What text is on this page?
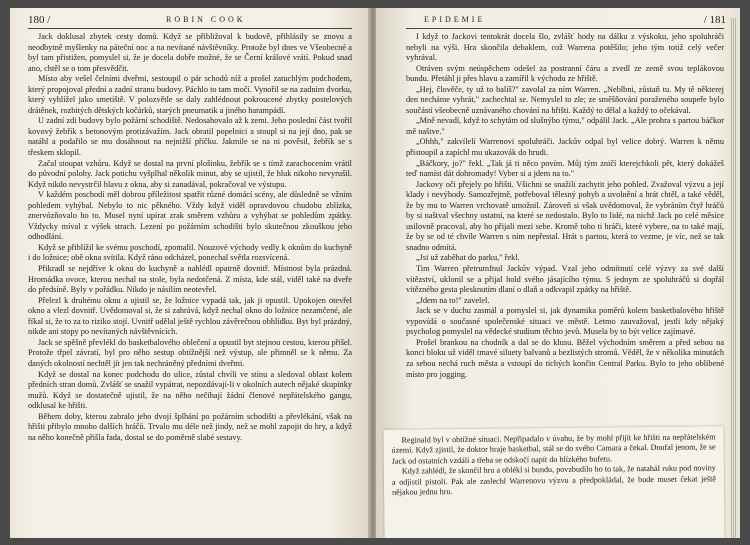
180 /	ROBIN COOK

Jack doklusal zbytek cesty domů. Když se přibližoval k budově, přihlásily se znovu a neodbytně myšlenky na páteční noc a na nevítané návštěvníky. Protože byl dnes ve Všeobecné a byl tam přistižen, pomyslel si, že je docela dobře možné, že se Černí králové vrátí. Pokud snad ano, chtěl se o tom přesvědčit.

Místo aby vešel čelními dveřmi, sestoupil o pár schodů níž a prošel zatuchlým podchodem, který propojoval přední a zadní stranu budovy. Páchlo to tam močí. Vynořil se na zadním dvorku, který vyhlížel jako smetiště. V polozvětle se daly zahlédnout pokroucené zbytky postelových drátěnek, rozbitých dětských kočárků, starých pneumatik a jiného harampádí.

U zadní zdi budovy bylo požární schodiště. Nedosahovalo až k zemi. Jeho poslední část tvořil kovový žebřík s betonovým protizávažím. Jack obratil popelnici a stoupl si na její dno, pak se natáhl a podařilo se mu dosáhnout na nejnižší příčku. Jakmile se na ni pověsil, žebřík se s třeskem sklopil.

Začal stoupat vzhůru. Když se dostal na první plošinku, žebřík se s tímž zarachocením vrátil do původní polohy. Jack potichu vyšplhal několik minut, aby se ujistil, že hluk nikoho nevyrušil. Když nikdo nevystrčil hlavu z okna, aby si zanadával, pokračoval ve výstupu.

V každém poschodí měl dobrou příležitost spatřit různé domácí scény, ale důsledně se vžnim pohledem vyhýbal. Nebylo to nic pěkného. Vždy když viděl opravdovou chudobu zblízka, znervózňovalo ho to. Musel nyní upírat zrak směrem vzhůru a vyhýbat se pohledům zpátky. Vždycky míval z výšek strach. Lezení po požárním schodišti bylo skutečnou zkouškou jeho odhodlání.

Když se přiblížil ke svému poschodí, zpomalil. Nouzové východy vedly k oknům do kuchyně i do ložnice; obě okna svítila. Když ráno odcházel, ponechal světla rozsvícená.

Přikradl se nejdříve k oknu do kuchyně a nahlédl opatrně dovnitř. Místnost byla prázdná. Hromádka ovoce, kterou nechal na stole, byla nedotčená. Z místa, kde stál, viděl také na dveře do předsíně. Byly v pořádku. Nikdo je násilím neotevřel.

Přelezl k druhému oknu a ujistil se, že ložnice vypadá tak, jak ji opustil. Upokojen otevřel okno a vlezl dovnitř. Uvědomoval si, že si zahrává, když nechal okno do ložnice nezamčené, ale říkal si, že to za to riziko stojí. Uvnitř udělal ještě rychlou závěrečnou obhlídku. Byt byl prázdný, nikde ani stopy po nevítaných návštěvnících.

Jack se spěšně převlékl do basketbalového oblečení a opustil byt stejnou cestou, kterou přišel. Protože třpel závratí, byl pro něho sestup obtížnější než výstup, ale přimněl se k němu. Za daných okolností nechtěl jít jen tak nechráněný předními dveřmi.

Když se dostal na konec podchodu do ulice, zůstal chvíli ve stínu a sledoval oblast kolem předních stran domů. Zvlášť se snažil vypátrat, nepozdávají-li v okolních autech nějaké skupinky mužů. Když se dostatečně ujistil, že na něho nečíhají žádní členové nepřátelského gangu, odklusal ke hřišti.

Během doby, kterou zabralo jeho dvojí šplhání po požárním schodišti a převlékání, však na hřišti přibylo mnoho dalších hráčů. Trvalo mu déle než jindy, než se mohl zapojit do hry, a když na něho konečně přišla řada, dostal se do poměrně slabé sestavy.

EPIDEMIE	/ 181

I když to Jackovi tentokrát docela šlo, zvlášť hody na dálku z výskoku, jeho spoluhráči nebyli na výši. Hra skončila debaklem, což Warrena potěšilo; jeho tým totiž celý večer vyhrával.

Otráven svým neúspěchem odešel za postranní čáru a zvedl ze země svou teplákovou bundu. Přetáhl ji přes hlavu a zamířil k východu ze hřiště.

„Hej, člověče, ty už to balíš?" zavolal za ním Warren. „Neblbni, zůstaň tu. My tě některej den necháme vyhrát," zachechtal se. Nemyslel to zle; ze směšňování poraženého soupeře bylo součástí všeobecně uznávaného chování na hřišti. Každý to dělal a každý to očekával.

„Mně nevadí, když to schytám od slušnýho týmu," odpálil Jack. „Ale prohra s partou báčkor mě naštve."

„Ohhh," zakvílelí Warrenovi spoluhráči. Jackův odpal byl velice dobrý. Warren k němu přistoupil a zapíchl mu ukazovák do hrudi.

„Báčkory, jo?" řekl. „Tak já ti něco povím. Můj tým zničí kterejchkoli pět, který dokážeš teď namíst dát dohromady! Vyber si a jdem na to."

Jackovy oči přejely po hřišti. Všichni se snažili zachytit jeho pohled. Zvažoval výzvu a její klady i nevýhody. Samozřejmě, potřeboval tělesný pohyb a uvolnění a hrát chtěl, a také věděl, že by mu to Warren vrchovatě umožnil. Zároveň si však uvědomoval, že vybráním čtyř hráčů by si naštval všechny ostatní, na které se nedostalo. Bylo to lidé, na nichž Jack po celé měsíce usilovně pracoval, aby ho přijali mezi sebe. Kromě toho ti hráči, které vybere, na to také mají, že by se od té chvíle Warren s ním nepřestal. Hrát s partou, která to vezme, je víc, než se tak snadno odmítá.

„Jsi už zaběhat do parku," řekl.

Tim Warren přetrumfnul Jackův výpad. Vzal jeho odmítnutí celé výzvy za své další vítězství, uklonil se a přijal hold svého jásajícího týmu. S jednym ze spoluhráčů si dopřál vítězného gesta plesknutím dlaní o dlaň a odkvapil zpátky na hřiště.

„Jdem na to!" zavelel.

Jack se v duchu zasmál a pomyslel si, jak dynamika poměrů kolem basketbalového hřiště vypovídá o současné společenské situaci ve městě. Letmo zauvažoval, jestli kdy nějaký psycholog pomyslel na vědecké studium těchto jevů. Musela by to být velice zajímavé.

Prošel brankou na chodník a dal se do klusu. Běžel východním směrem a před sebou na konci bloku už viděl tmavé siluety balvanů a bezlistých stromů. Věděl, že v několika minutách za sebou nechá ruch města a vstoupí do tichých končin Central Parku. Bylo to jeho oblíbené místo pro jogging.

Reginald byl v obtížné situaci. Nepřipadalo v úvahu, že by mohl přijít ke hřišti na nepřátelském území. Když zjistil, že doktor hraje basketbal, stál se do svého Camara a čekal. Doufal jenom, že se Jack od ostatních vzdálí a třeba se odskočí napít do blízkého bufetu.

Když zahlédl, že skončil hru a oblékl si bundu, povzbudilo ho to tak, že nataháI ruku pod novinу a odjistil pistoli. Pak ale zaslechl Warrenovu výzvu a předpokládal, že bude muset čekat ještě nějakou jednu hru.
